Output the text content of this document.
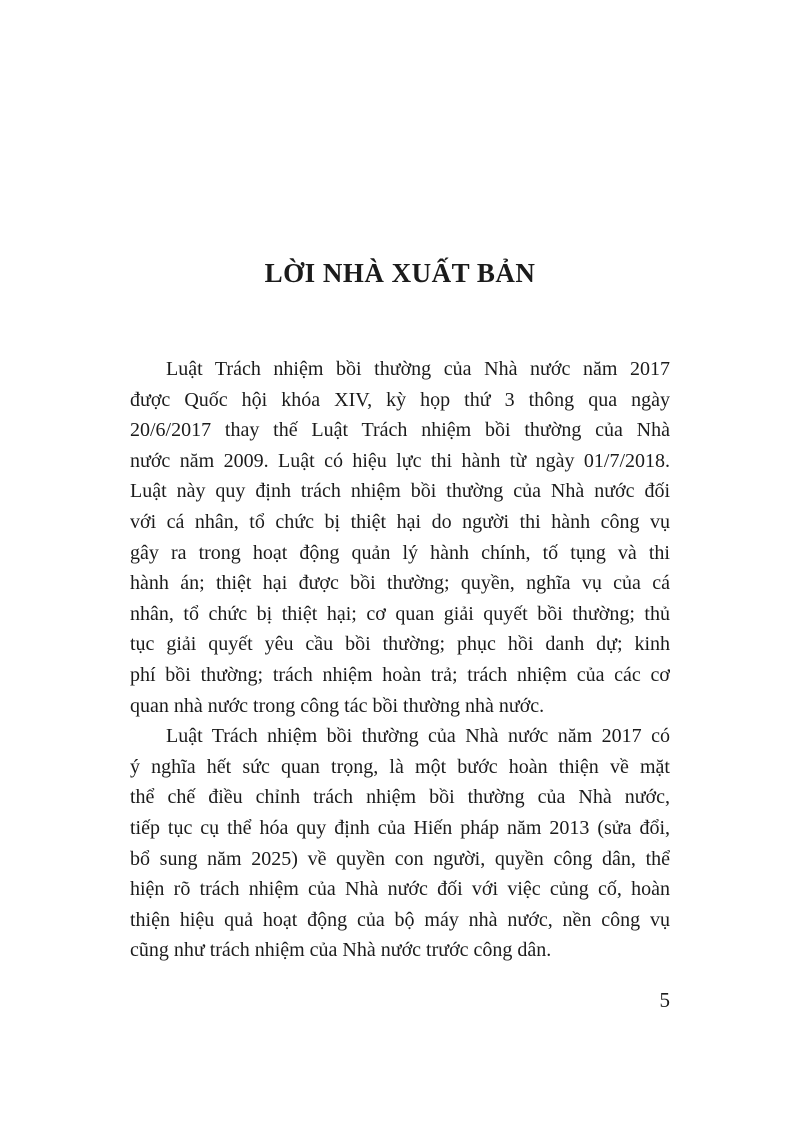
LỜI NHÀ XUẤT BẢN
Luật Trách nhiệm bồi thường của Nhà nước năm 2017
được Quốc hội khóa XIV, kỳ họp thứ 3 thông qua ngày
20/6/2017 thay thế Luật Trách nhiệm bồi thường của Nhà
nước năm 2009. Luật có hiệu lực thi hành từ ngày 01/7/2018.
Luật này quy định trách nhiệm bồi thường của Nhà nước đối
với cá nhân, tổ chức bị thiệt hại do người thi hành công vụ
gây ra trong hoạt động quản lý hành chính, tố tụng và thi
hành án; thiệt hại được bồi thường; quyền, nghĩa vụ của cá
nhân, tổ chức bị thiệt hại; cơ quan giải quyết bồi thường; thủ
tục giải quyết yêu cầu bồi thường; phục hồi danh dự; kinh
phí bồi thường; trách nhiệm hoàn trả; trách nhiệm của các cơ
quan nhà nước trong công tác bồi thường nhà nước.
Luật Trách nhiệm bồi thường của Nhà nước năm 2017 có
ý nghĩa hết sức quan trọng, là một bước hoàn thiện về mặt
thể chế điều chỉnh trách nhiệm bồi thường của Nhà nước,
tiếp tục cụ thể hóa quy định của Hiến pháp năm 2013 (sửa đổi,
bổ sung năm 2025) về quyền con người, quyền công dân, thể
hiện rõ trách nhiệm của Nhà nước đối với việc củng cố, hoàn
thiện hiệu quả hoạt động của bộ máy nhà nước, nền công vụ
cũng như trách nhiệm của Nhà nước trước công dân.
5
